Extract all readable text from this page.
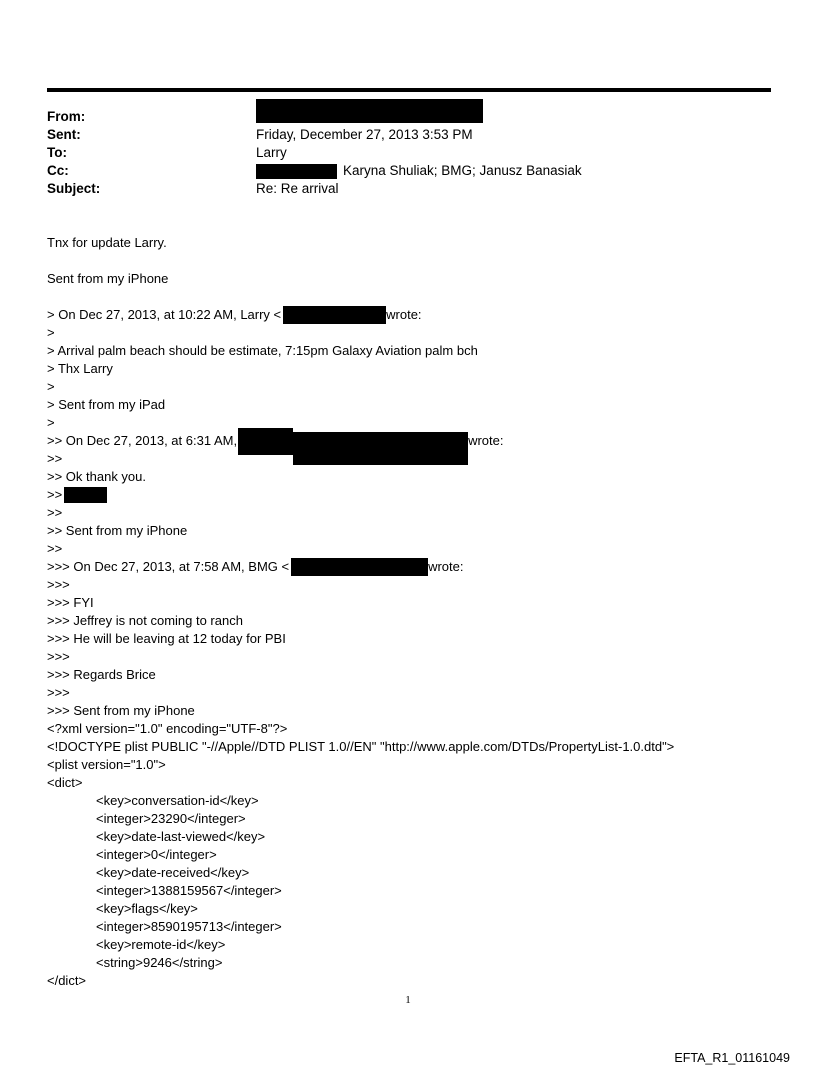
From:
Sent:	Friday, December 27, 2013 3:53 PM
To:	Larry
Cc:	Karyna Shuliak; BMG; Janusz Banasiak
Subject:	Re: Re arrival
Tnx for update Larry.
Sent from my iPhone
> On Dec 27, 2013, at 10:22 AM, Larry <	wrote:
>
> Arrival palm beach should be estimate, 7:15pm Galaxy Aviation palm bch
> Thx Larry
>
> Sent from my iPad
>
>> On Dec 27, 2013, at 6:31 AM,	wrote:
>>
>> Ok thank you.
>>
>>
>> Sent from my iPhone
>>
>>> On Dec 27, 2013, at 7:58 AM, BMG <	wrote:
>>>
>>> FYI
>>> Jeffrey is not coming to ranch
>>> He will be leaving at 12 today for PBI
>>>
>>> Regards Brice
>>>
>>> Sent from my iPhone
<?xml version="1.0" encoding="UTF-8"?>
<!DOCTYPE plist PUBLIC "-//Apple//DTD PLIST 1.0//EN" "http://www.apple.com/DTDs/PropertyList-1.0.dtd">
<plist version="1.0">
<dict>
<key>conversation-id</key>
<integer>23290</integer>
<key>date-last-viewed</key>
<integer>0</integer>
<key>date-received</key>
<integer>1388159567</integer>
<key>flags</key>
<integer>8590195713</integer>
<key>remote-id</key>
<string>9246</string>
</dict>
1
EFTA_R1_01161049
